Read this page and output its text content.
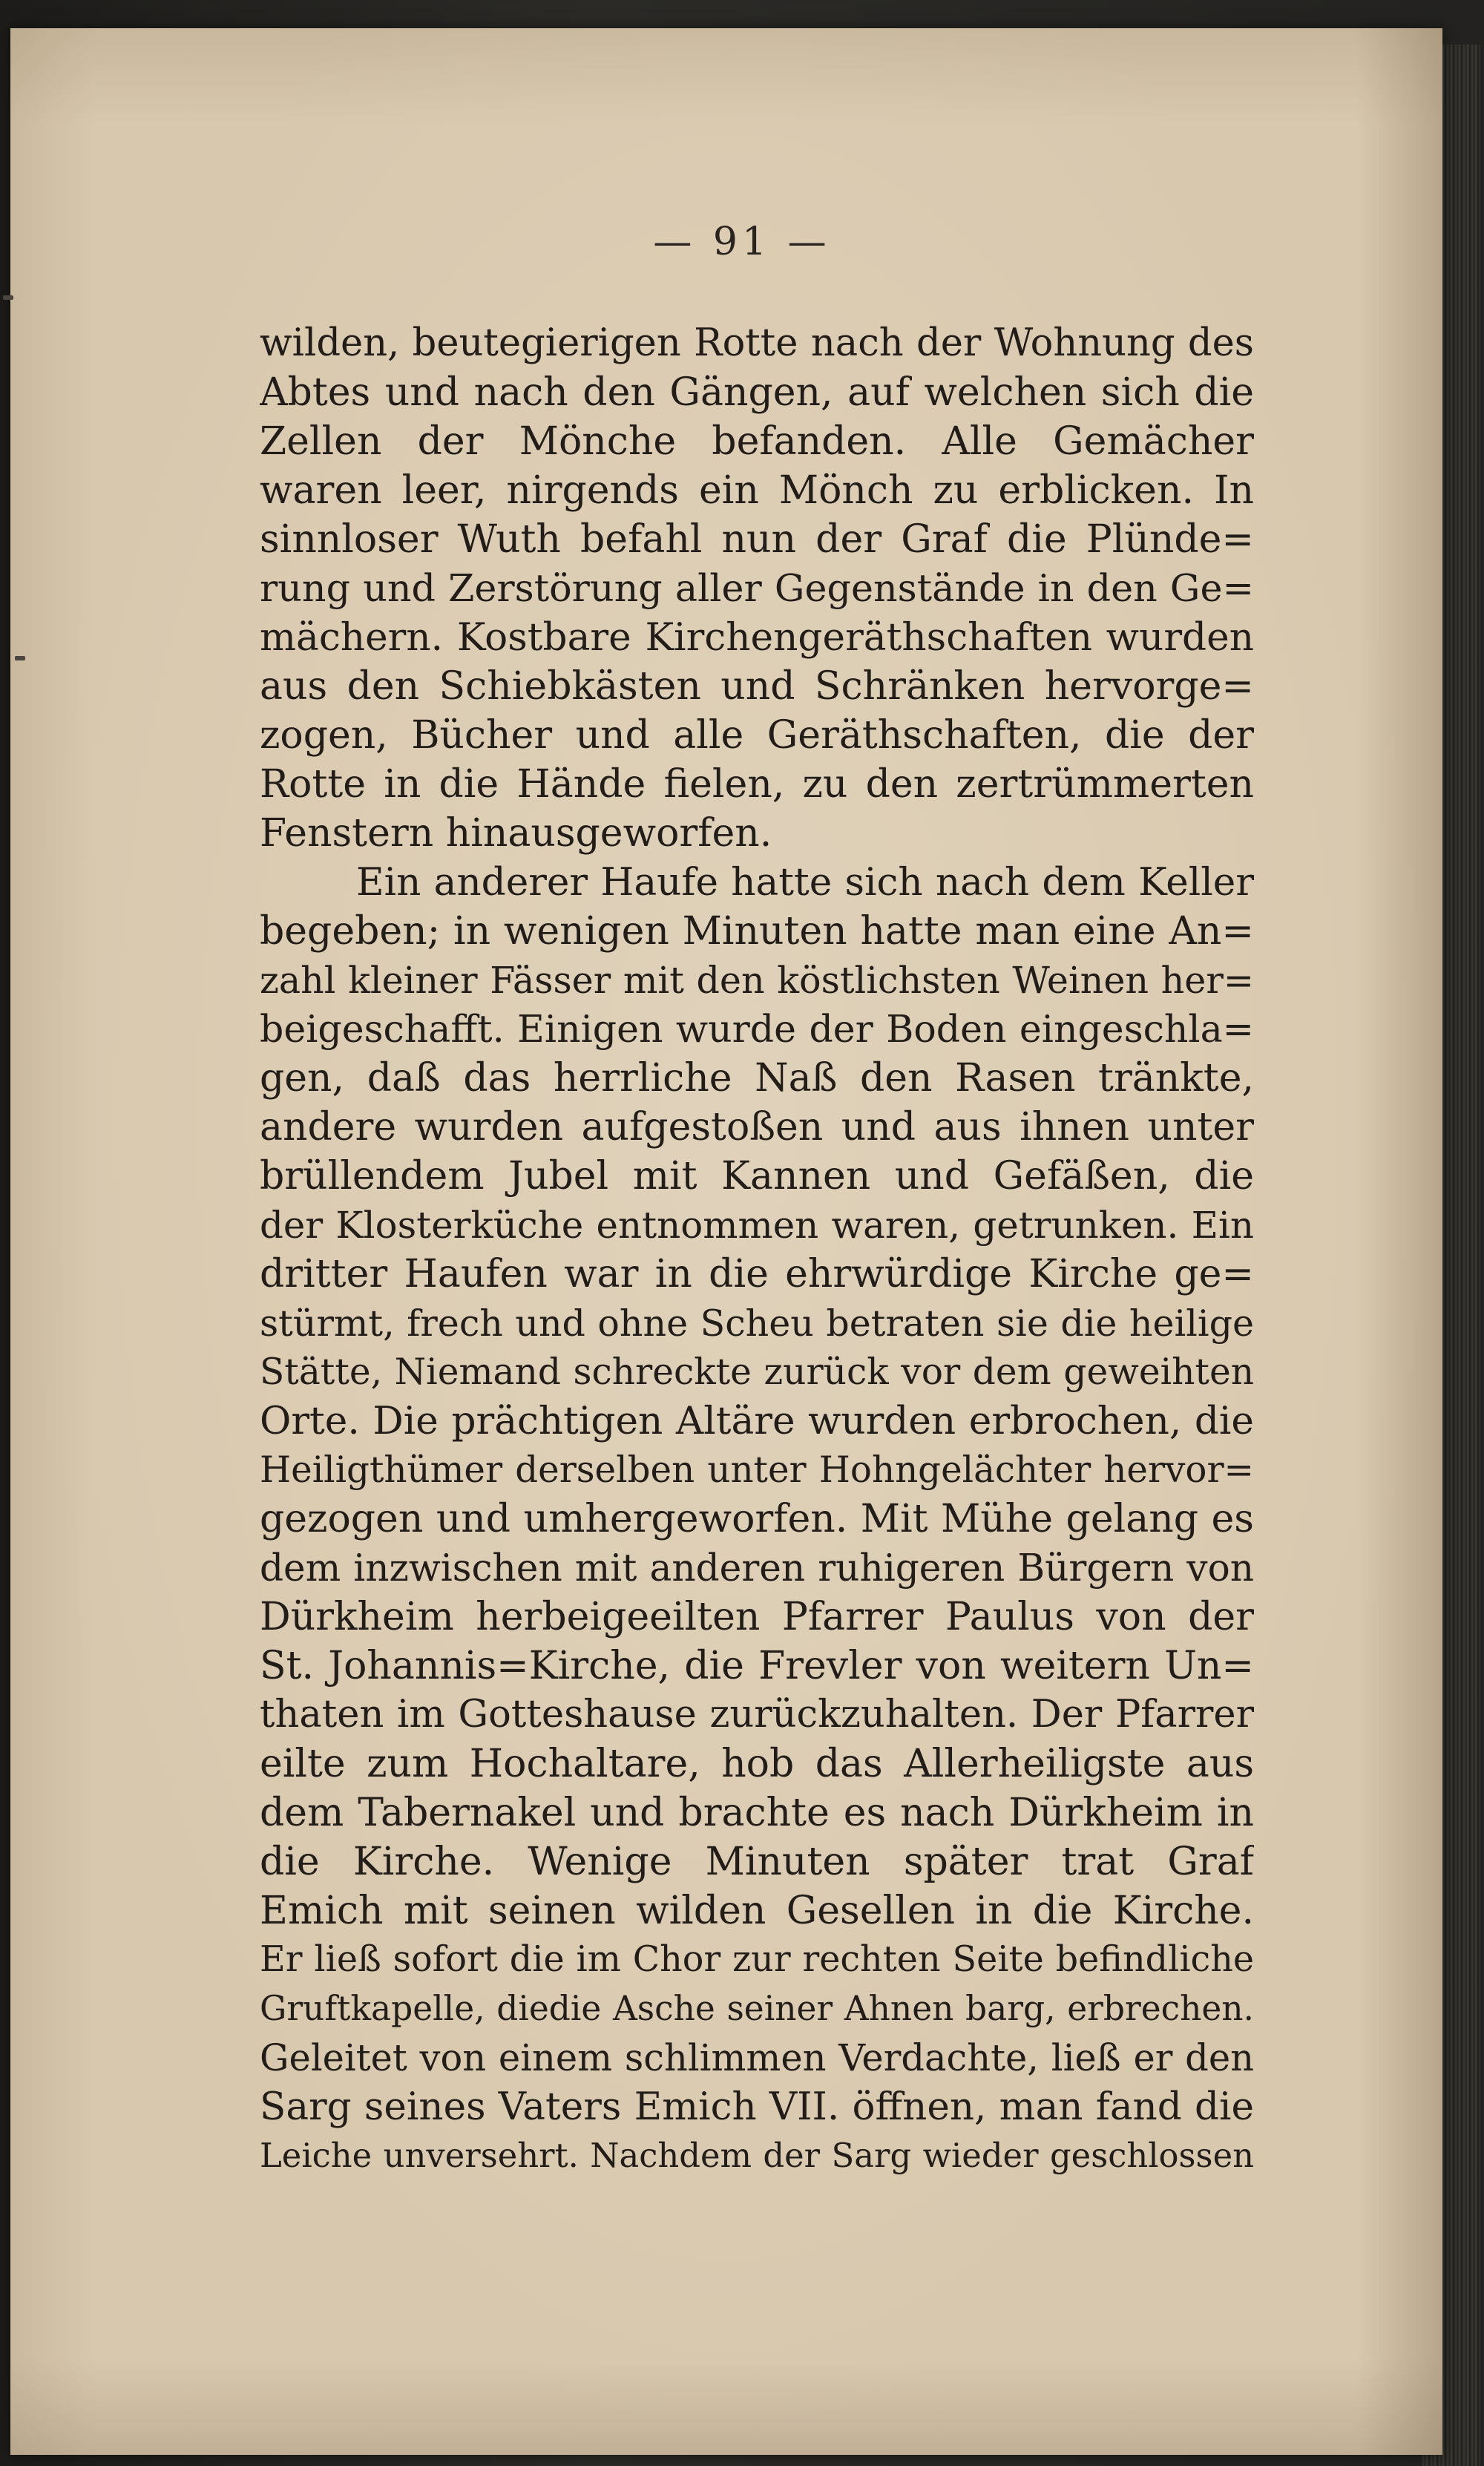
— 91 —
wilden, beutegierigen Rotte nach der Wohnung des
Abtes und nach den Gängen, auf welchen sich die
Zellen der Mönche befanden. Alle Gemächer
waren leer, nirgends ein Mönch zu erblicken. In
sinnloser Wuth befahl nun der Graf die Plünde=
rung und Zerstörung aller Gegenstände in den Ge=
mächern. Kostbare Kirchengeräthschaften wurden
aus den Schiebkästen und Schränken hervorge=
zogen, Bücher und alle Geräthschaften, die der
Rotte in die Hände fielen, zu den zertrümmerten
Fenstern hinausgeworfen.
Ein anderer Haufe hatte sich nach dem Keller
begeben; in wenigen Minuten hatte man eine An=
zahl kleiner Fässer mit den köstlichsten Weinen her=
beigeschafft. Einigen wurde der Boden eingeschla=
gen, daß das herrliche Naß den Rasen tränkte,
andere wurden aufgestoßen und aus ihnen unter
brüllendem Jubel mit Kannen und Gefäßen, die
der Klosterküche entnommen waren, getrunken. Ein
dritter Haufen war in die ehrwürdige Kirche ge=
stürmt, frech und ohne Scheu betraten sie die heilige
Stätte, Niemand schreckte zurück vor dem geweihten
Orte. Die prächtigen Altäre wurden erbrochen, die
Heiligthümer derselben unter Hohngelächter hervor=
gezogen und umhergeworfen. Mit Mühe gelang es
dem inzwischen mit anderen ruhigeren Bürgern von
Dürkheim herbeigeeilten Pfarrer Paulus von der
St. Johannis=Kirche, die Frevler von weitern Un=
thaten im Gotteshause zurückzuhalten. Der Pfarrer
eilte zum Hochaltare, hob das Allerheiligste aus
dem Tabernakel und brachte es nach Dürkheim in
die Kirche. Wenige Minuten später trat Graf
Emich mit seinen wilden Gesellen in die Kirche.
Er ließ sofort die im Chor zur rechten Seite befindliche
Gruftkapelle, diedie Asche seiner Ahnen barg, erbrechen.
Geleitet von einem schlimmen Verdachte, ließ er den
Sarg seines Vaters Emich VII. öffnen, man fand die
Leiche unversehrt. Nachdem der Sarg wieder geschlossen
